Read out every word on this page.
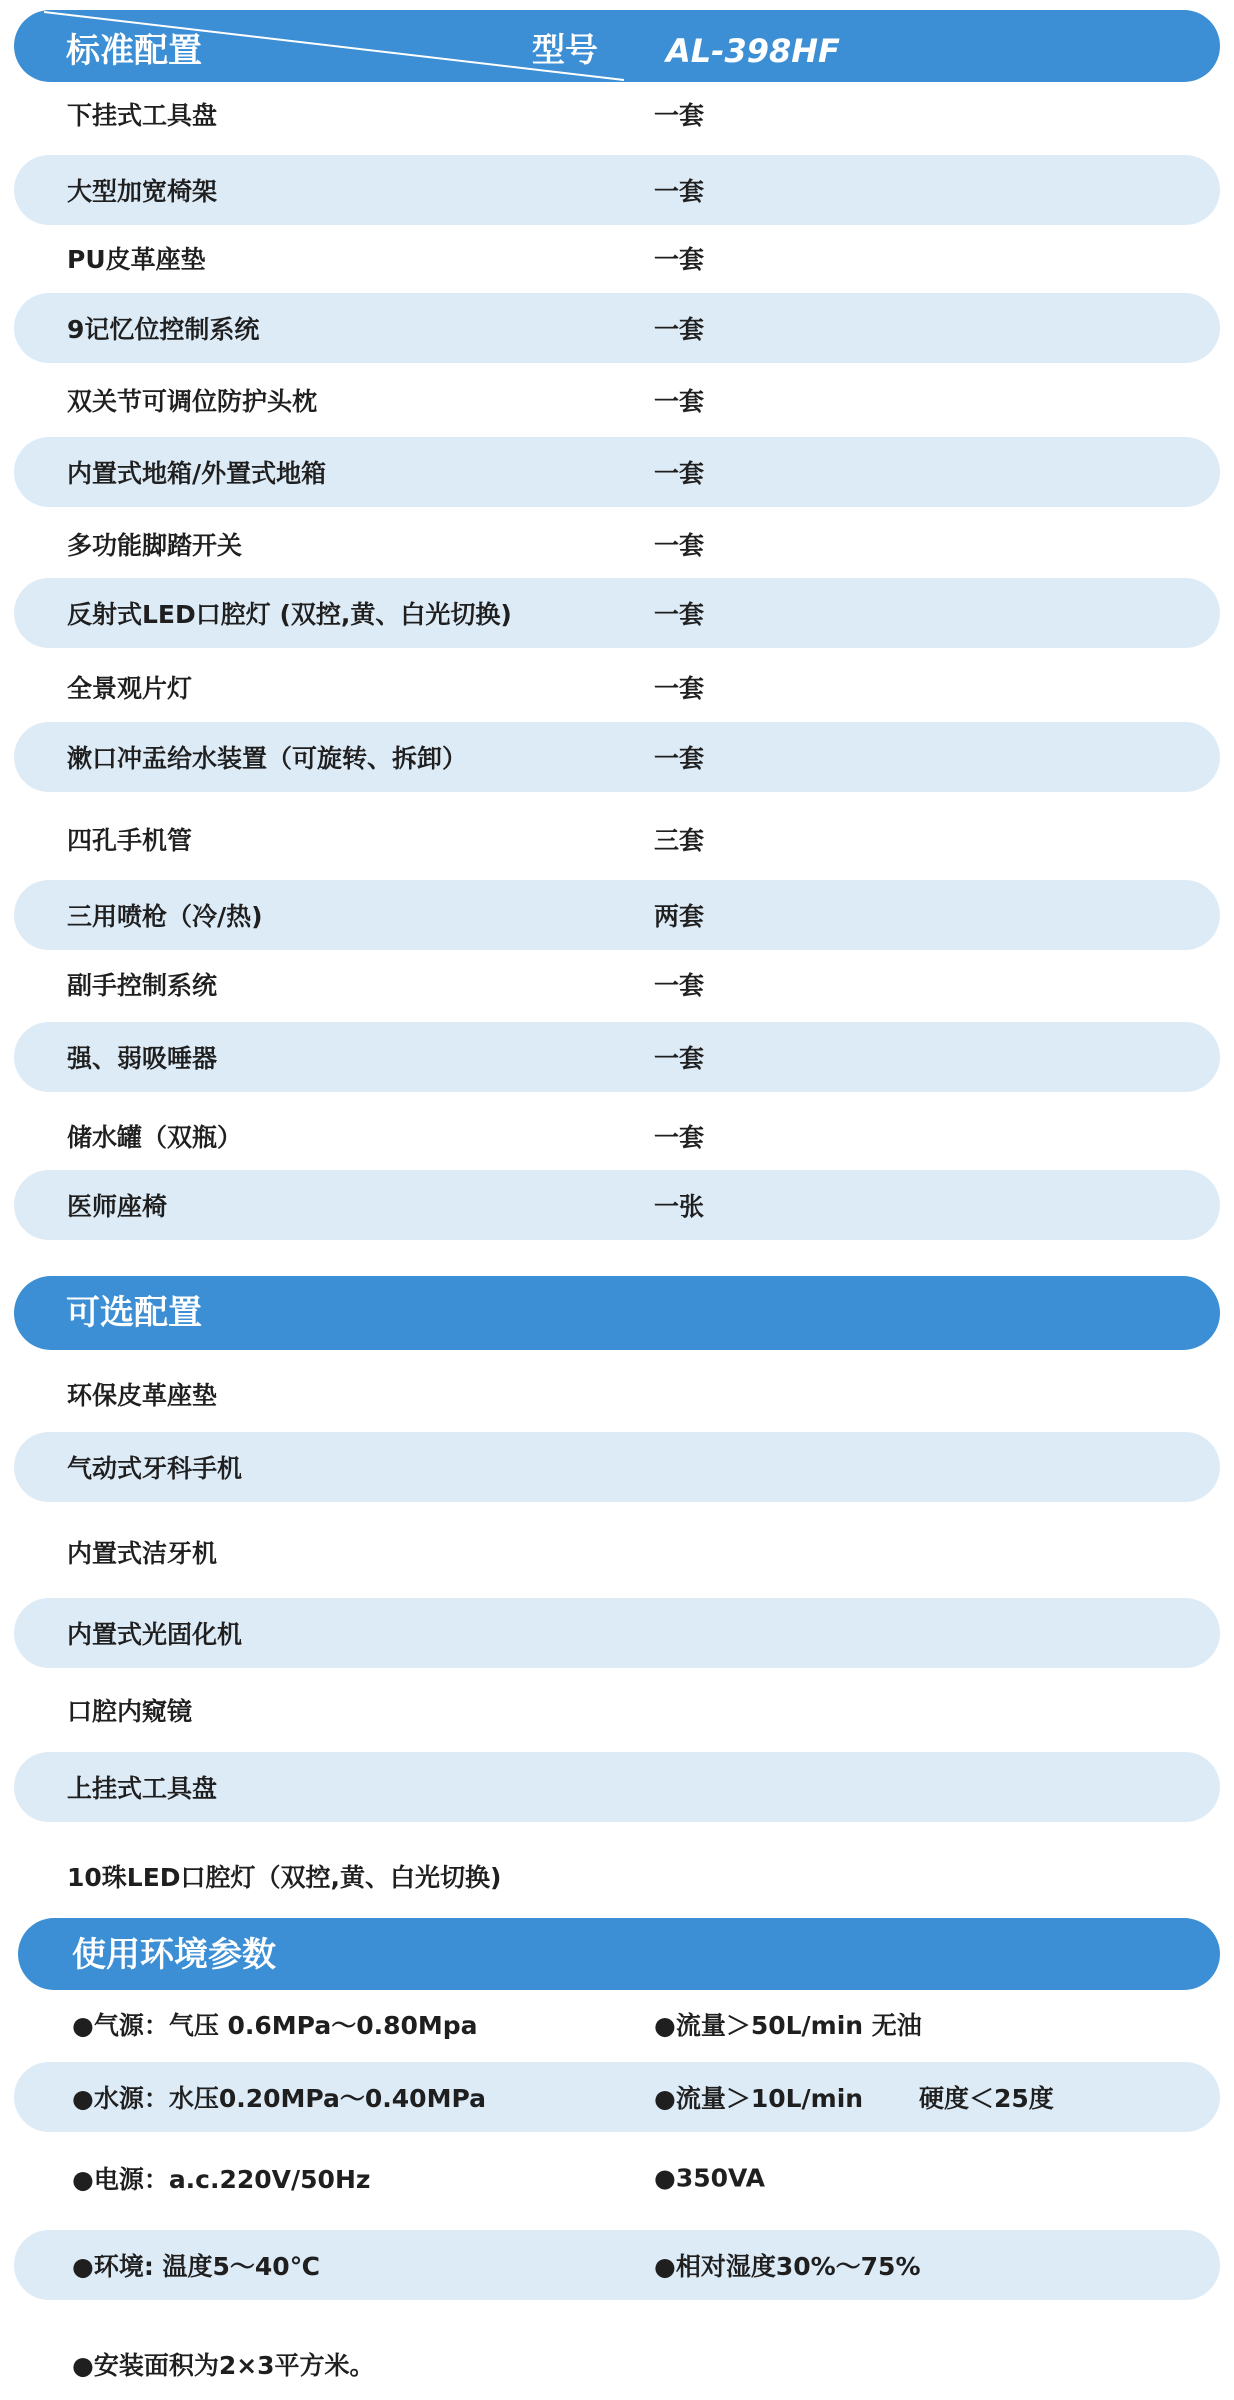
标准配置	型号 AL-398HF
下挂式工具盘	一套
大型加宽椅架	一套
PU皮革座垫	一套
9记忆位控制系统	一套
双关节可调位防护头枕	一套
内置式地箱/外置式地箱	一套
多功能脚踏开关	一套
反射式LED口腔灯 (双控,黄、白光切换)	一套
全景观片灯	一套
漱口冲盂给水装置（可旋转、拆卸）	一套
四孔手机管	三套
三用喷枪（冷/热)	两套
副手控制系统	一套
强、弱吸唾器	一套
储水罐（双瓶）	一套
医师座椅	一张
可选配置
环保皮革座垫
气动式牙科手机
内置式洁牙机
内置式光固化机
口腔内窥镜
上挂式工具盘
10珠LED口腔灯（双控,黄、白光切换)
使用环境参数
●气源：气压 0.6MPa～0.80Mpa	●流量＞50L/min 无油
●水源：水压0.20MPa～0.40MPa	●流量＞10L/min 硬度＜25度
●电源：a.c.220V/50Hz	●350VA
●环境: 温度5～40℃	●相对湿度30%～75%
●安装面积为2×3平方米。
